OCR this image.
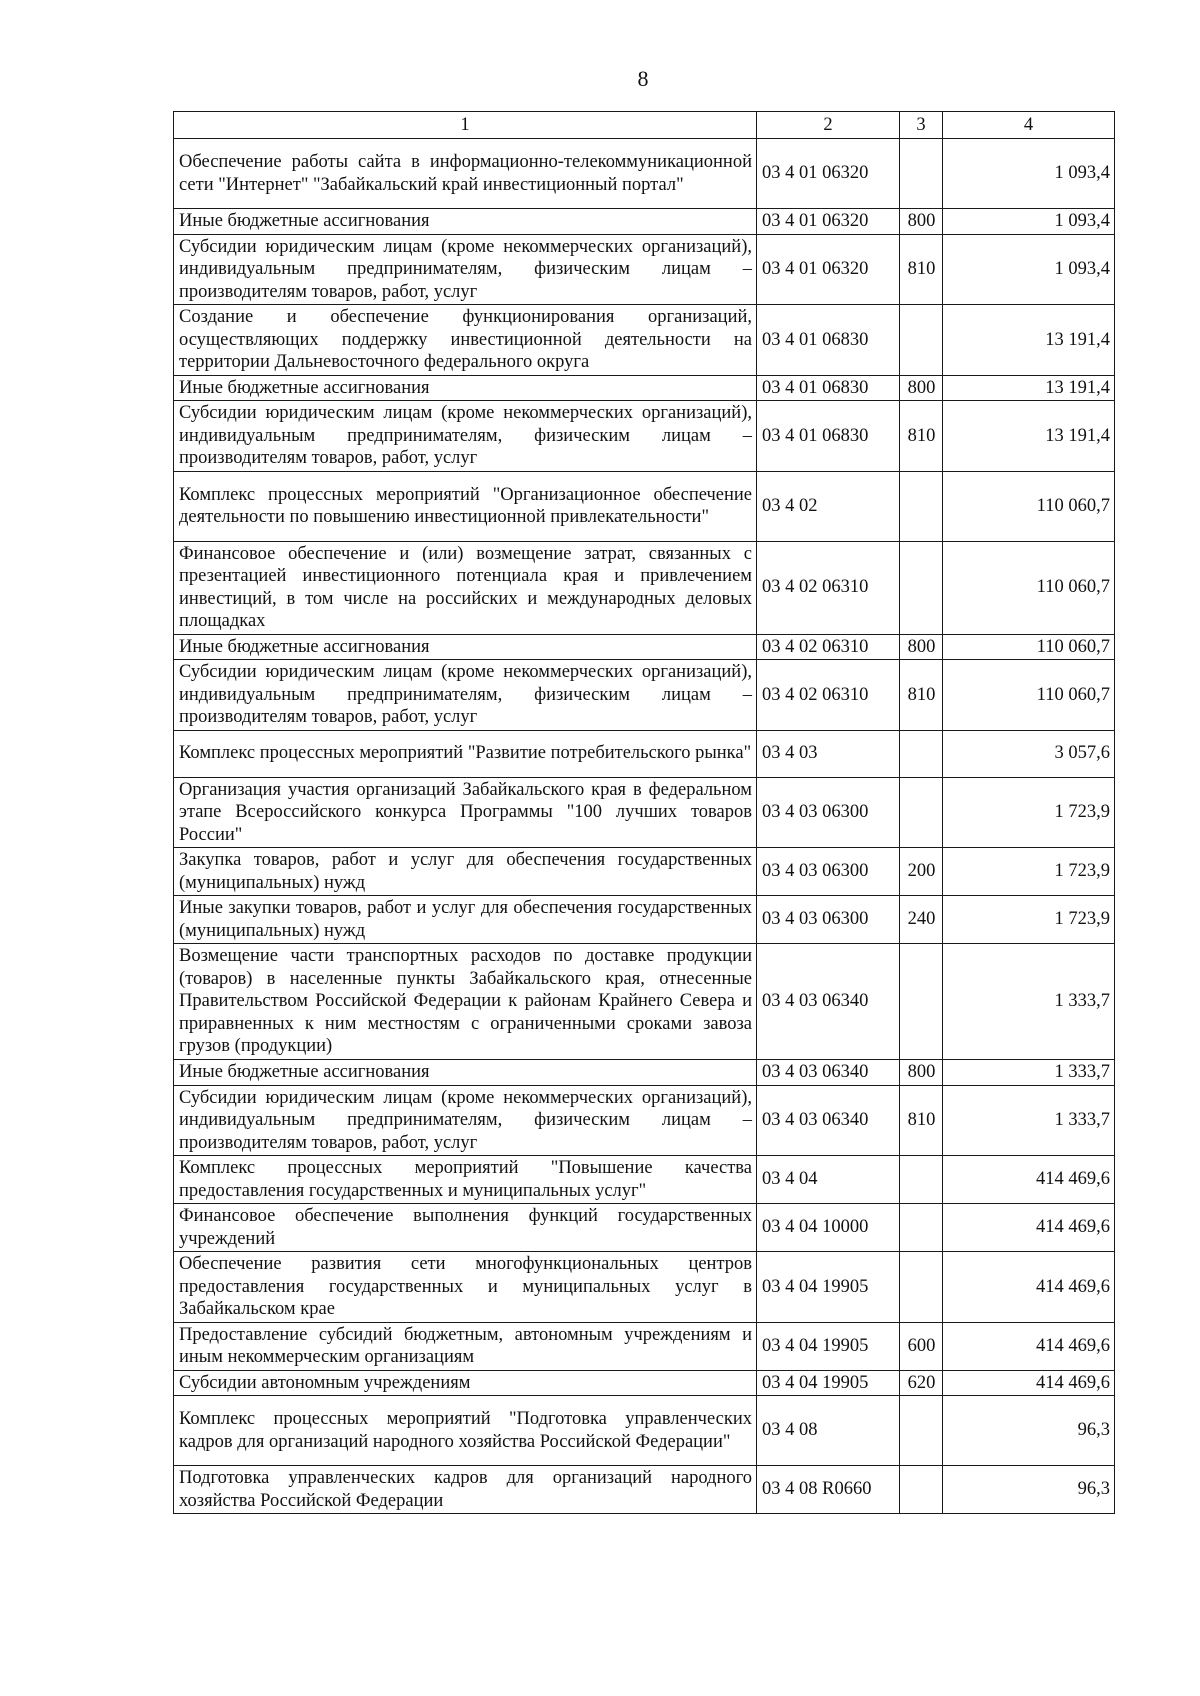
8
1	2	3	4
Обеспечение работы сайта в информационно-телекоммуникационной сети "Интернет" "Забайкальский край инвестиционный портал"	03 4 01 06320		1 093,4
Иные бюджетные ассигнования	03 4 01 06320	800	1 093,4
Субсидии юридическим лицам (кроме некоммерческих организаций), индивидуальным предпринимателям, физическим лицам – производителям товаров, работ, услуг	03 4 01 06320	810	1 093,4
Создание и обеспечение функционирования организаций, осуществляющих поддержку инвестиционной деятельности на территории Дальневосточного федерального округа	03 4 01 06830		13 191,4
Иные бюджетные ассигнования	03 4 01 06830	800	13 191,4
Субсидии юридическим лицам (кроме некоммерческих организаций), индивидуальным предпринимателям, физическим лицам – производителям товаров, работ, услуг	03 4 01 06830	810	13 191,4
Комплекс процессных мероприятий "Организационное обеспечение деятельности по повышению инвестиционной привлекательности"	03 4 02		110 060,7
Финансовое обеспечение и (или) возмещение затрат, связанных с презентацией инвестиционного потенциала края и привлечением инвестиций, в том числе на российских и международных деловых площадках	03 4 02 06310		110 060,7
Иные бюджетные ассигнования	03 4 02 06310	800	110 060,7
Субсидии юридическим лицам (кроме некоммерческих организаций), индивидуальным предпринимателям, физическим лицам – производителям товаров, работ, услуг	03 4 02 06310	810	110 060,7
Комплекс процессных мероприятий "Развитие потребительского рынка"	03 4 03		3 057,6
Организация участия организаций Забайкальского края в федеральном этапе Всероссийского конкурса Программы "100 лучших товаров России"	03 4 03 06300		1 723,9
Закупка товаров, работ и услуг для обеспечения государственных (муниципальных) нужд	03 4 03 06300	200	1 723,9
Иные закупки товаров, работ и услуг для обеспечения государственных (муниципальных) нужд	03 4 03 06300	240	1 723,9
Возмещение части транспортных расходов по доставке продукции (товаров) в населенные пункты Забайкальского края, отнесенные Правительством Российской Федерации к районам Крайнего Севера и приравненных к ним местностям с ограниченными сроками завоза грузов (продукции)	03 4 03 06340		1 333,7
Иные бюджетные ассигнования	03 4 03 06340	800	1 333,7
Субсидии юридическим лицам (кроме некоммерческих организаций), индивидуальным предпринимателям, физическим лицам – производителям товаров, работ, услуг	03 4 03 06340	810	1 333,7
Комплекс процессных мероприятий "Повышение качества предоставления государственных и муниципальных услуг"	03 4 04		414 469,6
Финансовое обеспечение выполнения функций государственных учреждений	03 4 04 10000		414 469,6
Обеспечение развития сети многофункциональных центров предоставления государственных и муниципальных услуг в Забайкальском крае	03 4 04 19905		414 469,6
Предоставление субсидий бюджетным, автономным учреждениям и иным некоммерческим организациям	03 4 04 19905	600	414 469,6
Субсидии автономным учреждениям	03 4 04 19905	620	414 469,6
Комплекс процессных мероприятий "Подготовка управленческих кадров для организаций народного хозяйства Российской Федерации"	03 4 08		96,3
Подготовка управленческих кадров для организаций народного хозяйства Российской Федерации	03 4 08 R0660		96,3
